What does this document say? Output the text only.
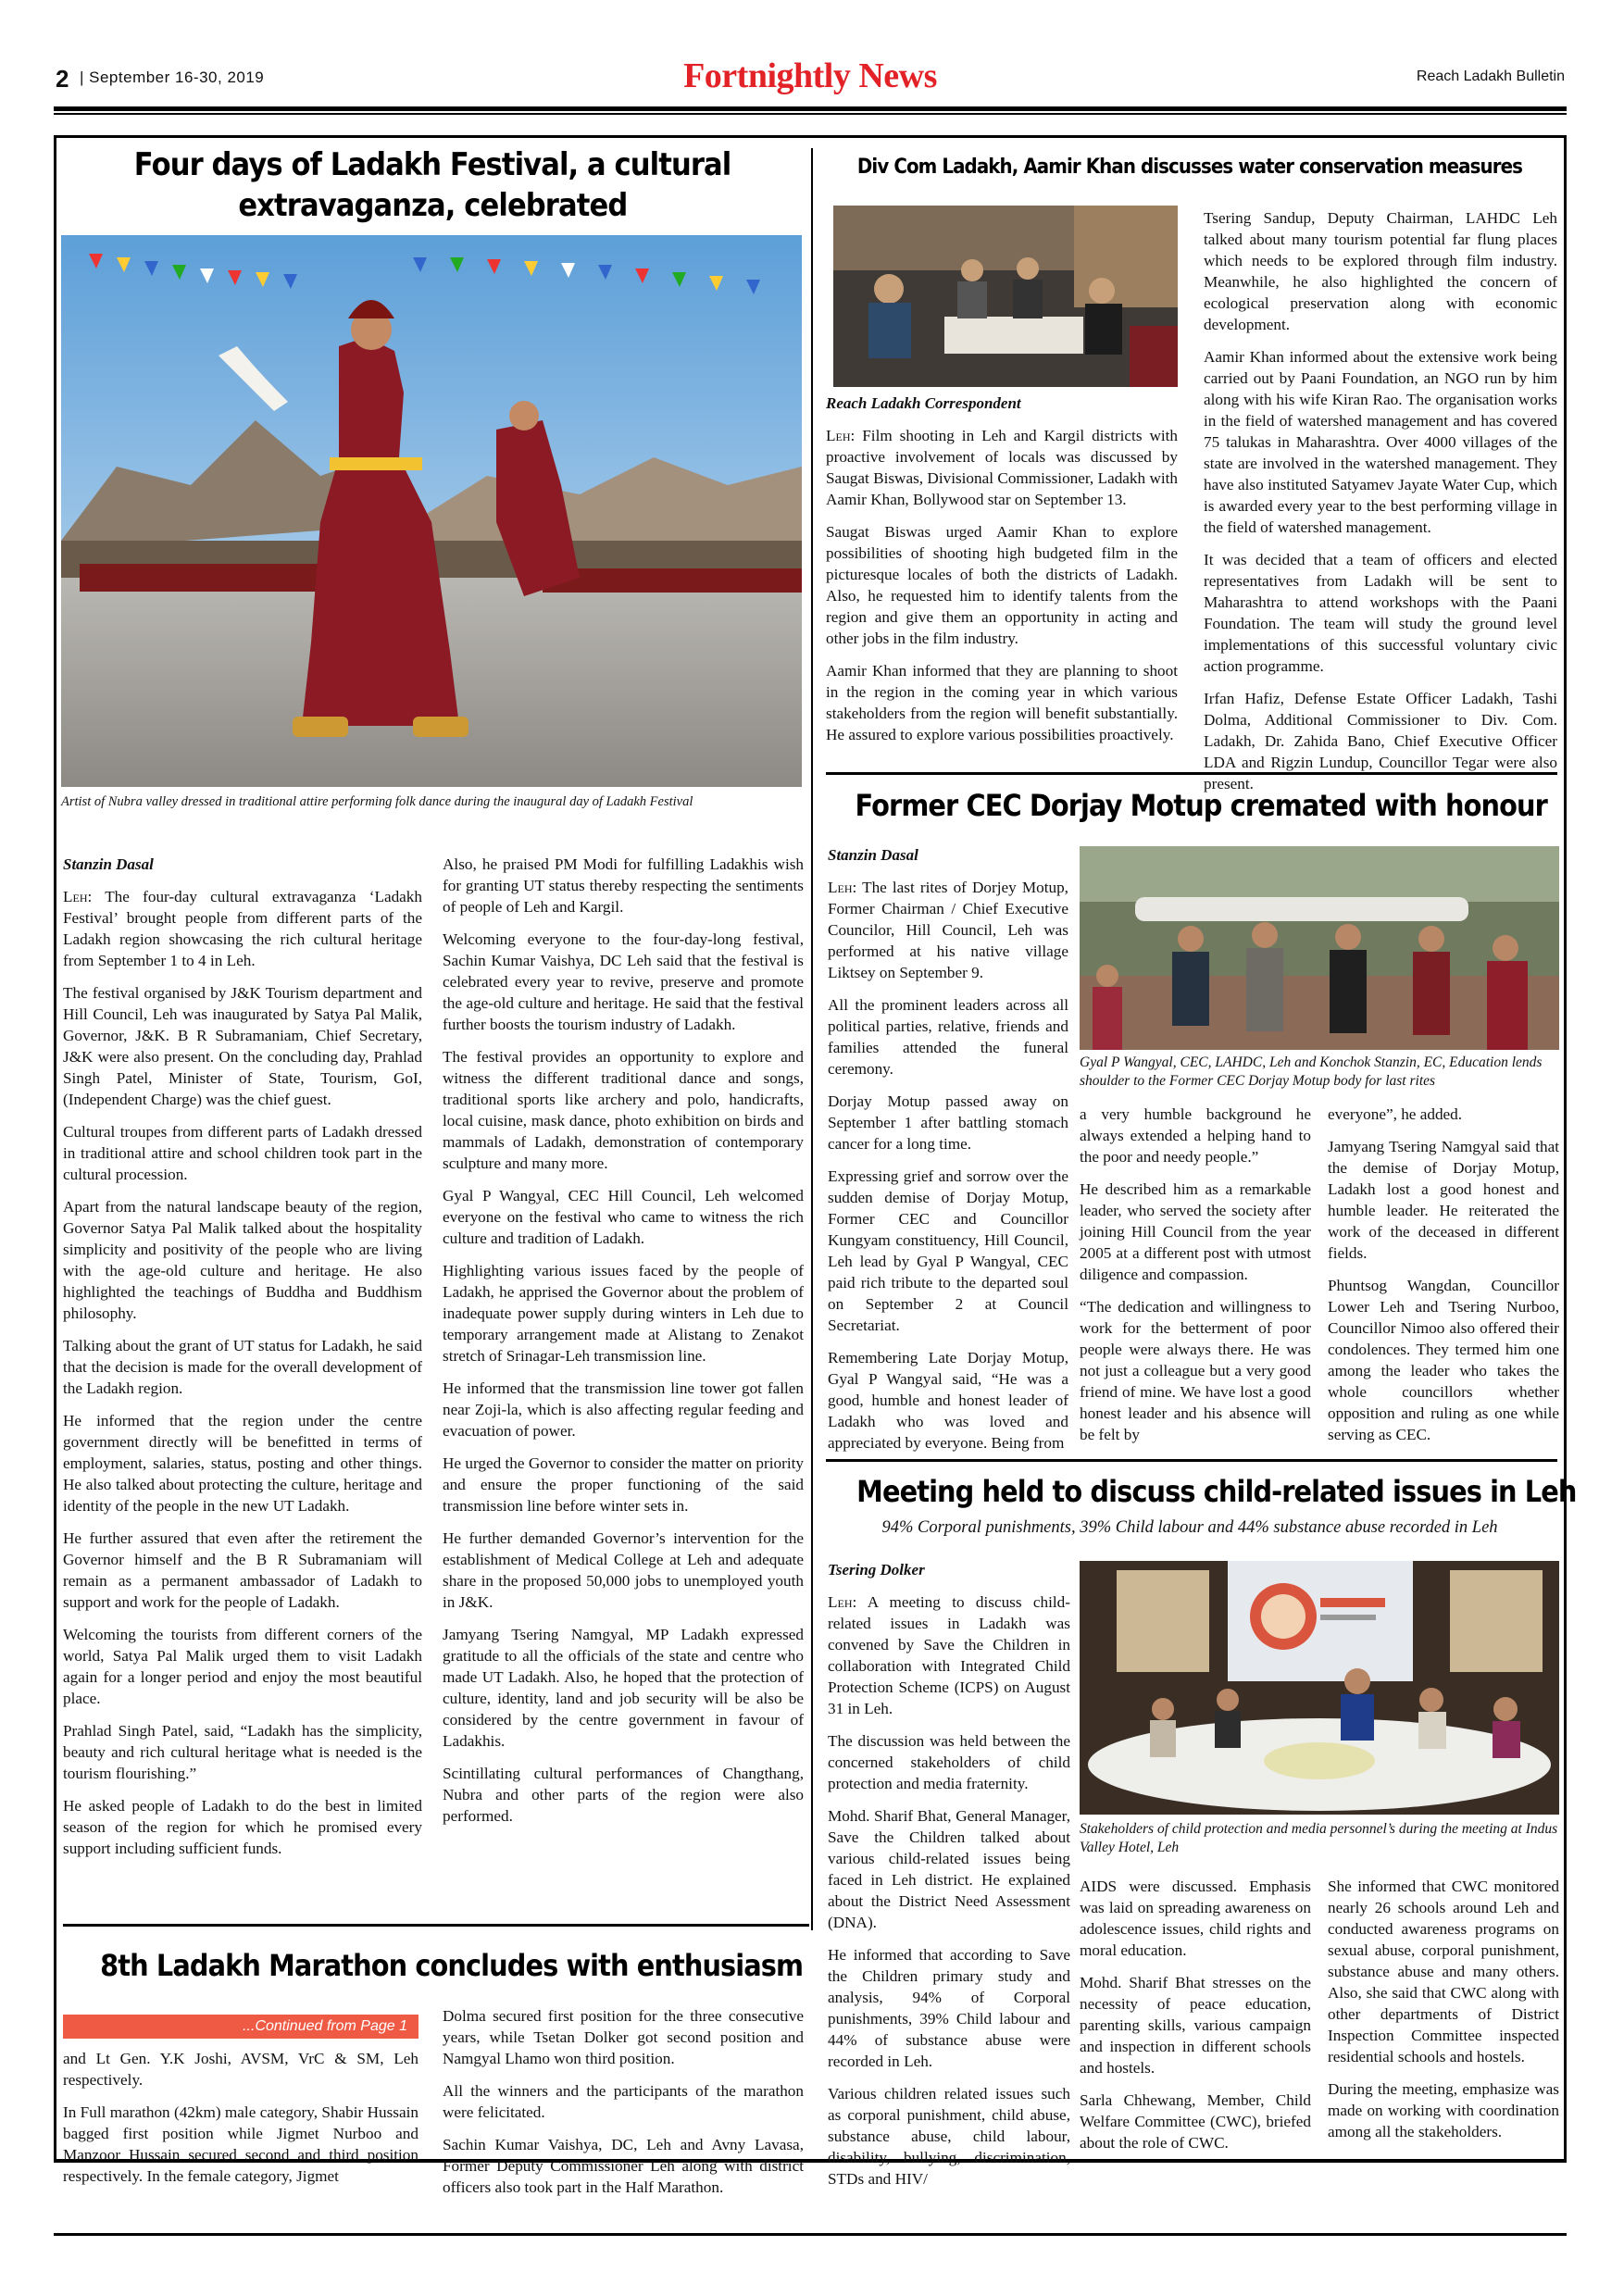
2 | September 16-30, 2019	Fortnightly News	Reach Ladakh Bulletin
Four days of Ladakh Festival, a cultural
extravaganza, celebrated
Artist of Nubra valley dressed in traditional attire performing folk dance during the inaugural day of Ladakh Festival
Stanzin Dasal

Leh: The four-day cultural extravaganza ‘Ladakh Festival’ brought people from different parts of the Ladakh region showcasing the rich cultural heritage from September 1 to 4 in Leh.

The festival organised by J&K Tourism department and Hill Council, Leh was inaugurated by Satya Pal Malik, Governor, J&K. B R Subramaniam, Chief Secretary, J&K were also present. On the concluding day, Prahlad Singh Patel, Minister of State, Tourism, GoI, (Independent Charge) was the chief guest.

Cultural troupes from different parts of Ladakh dressed in traditional attire and school children took part in the cultural procession.

Apart from the natural landscape beauty of the region, Governor Satya Pal Malik talked about the hospitality simplicity and positivity of the people who are living with the age-old culture and heritage. He also highlighted the teachings of Buddha and Buddhism philosophy.

Talking about the grant of UT status for Ladakh, he said that the decision is made for the overall development of the Ladakh region.

He informed that the region under the centre government directly will be benefitted in terms of employment, salaries, status, posting and other things. He also talked about protecting the culture, heritage and identity of the people in the new UT Ladakh.

He further assured that even after the retirement the Governor himself and the B R Subramaniam will remain as a permanent ambassador of Ladakh to support and work for the people of Ladakh.

Welcoming the tourists from different corners of the world, Satya Pal Malik urged them to visit Ladakh again for a longer period and enjoy the most beautiful place.

Prahlad Singh Patel, said, “Ladakh has the simplicity, beauty and rich cultural heritage what is needed is the tourism flourishing.”

He asked people of Ladakh to do the best in limited season of the region for which he promised every support including sufficient funds.

Also, he praised PM Modi for fulfilling Ladakhis wish for granting UT status thereby respecting the sentiments of people of Leh and Kargil.

Welcoming everyone to the four-day-long festival, Sachin Kumar Vaishya, DC Leh said that the festival is celebrated every year to revive, preserve and promote the age-old culture and heritage. He said that the festival further boosts the tourism industry of Ladakh.

The festival provides an opportunity to explore and witness the different traditional dance and songs, traditional sports like archery and polo, handicrafts, local cuisine, mask dance, photo exhibition on birds and mammals of Ladakh, demonstration of contemporary sculpture and many more.

Gyal P Wangyal, CEC Hill Council, Leh welcomed everyone on the festival who came to witness the rich culture and tradition of Ladakh.

Highlighting various issues faced by the people of Ladakh, he apprised the Governor about the problem of inadequate power supply during winters in Leh due to temporary arrangement made at Alistang to Zenakot stretch of Srinagar-Leh transmission line.

He informed that the transmission line tower got fallen near Zoji-la, which is also affecting regular feeding and evacuation of power.

He urged the Governor to consider the matter on priority and ensure the proper functioning of the said transmission line before winter sets in.

He further demanded Governor’s intervention for the establishment of Medical College at Leh and adequate share in the proposed 50,000 jobs to unemployed youth in J&K.

Jamyang Tsering Namgyal, MP Ladakh expressed gratitude to all the officials of the state and centre who made UT Ladakh. Also, he hoped that the protection of culture, identity, land and job security will be also be considered by the centre government in favour of Ladakhis.

Scintillating cultural performances of Changthang, Nubra and other parts of the region were also performed.

8th Ladakh Marathon concludes with enthusiasm
...Continued from Page 1

and Lt Gen. Y.K Joshi, AVSM, VrC & SM, Leh respectively.

In Full marathon (42km) male category, Shabir Hussain bagged first position while Jigmet Nurboo and Manzoor Hussain secured second and third position respectively. In the female category, Jigmet

Dolma secured first position for the three consecutive years, while Tsetan Dolker got second position and Namgyal Lhamo won third position.

All the winners and the participants of the marathon were felicitated.

Sachin Kumar Vaishya, DC, Leh and Avny Lavasa, Former Deputy Commissioner Leh along with district officers also took part in the Half Marathon.

Div Com Ladakh, Aamir Khan discusses water conservation measures
Reach Ladakh Correspondent

Leh: Film shooting in Leh and Kargil districts with proactive involvement of locals was discussed by Saugat Biswas, Divisional Commissioner, Ladakh with Aamir Khan, Bollywood star on September 13.

Saugat Biswas urged Aamir Khan to explore possibilities of shooting high budgeted film in the picturesque locales of both the districts of Ladakh. Also, he requested him to identify talents from the region and give them an opportunity in acting and other jobs in the film industry.

Aamir Khan informed that they are planning to shoot in the region in the coming year in which various stakeholders from the region will benefit substantially. He assured to explore various possibilities proactively.

Tsering Sandup, Deputy Chairman, LAHDC Leh talked about many tourism potential far flung places which needs to be explored through film industry. Meanwhile, he also highlighted the concern of ecological preservation along with economic development.

Aamir Khan informed about the extensive work being carried out by Paani Foundation, an NGO run by him along with his wife Kiran Rao. The organisation works in the field of watershed management and has covered 75 talukas in Maharashtra. Over 4000 villages of the state are involved in the watershed management. They have also instituted Satyamev Jayate Water Cup, which is awarded every year to the best performing village in the field of watershed management.

It was decided that a team of officers and elected representatives from Ladakh will be sent to Maharashtra to attend workshops with the Paani Foundation. The team will study the ground level implementations of this successful voluntary civic action programme.

Irfan Hafiz, Defense Estate Officer Ladakh, Tashi Dolma, Additional Commissioner to Div. Com. Ladakh, Dr. Zahida Bano, Chief Executive Officer LDA and Rigzin Lundup, Councillor Tegar were also present.

Former CEC Dorjay Motup cremated with honour
Stanzin Dasal

Leh: The last rites of Dorjey Motup, Former Chairman / Chief Executive Councilor, Hill Council, Leh was performed at his native village Liktsey on September 9.

All the prominent leaders across all political parties, relative, friends and families attended the funeral ceremony.

Dorjay Motup passed away on September 1 after battling stomach cancer for a long time.

Expressing grief and sorrow over the sudden demise of Dorjay Motup, Former CEC and Councillor Kungyam constituency, Hill Council, Leh lead by Gyal P Wangyal, CEC paid rich tribute to the departed soul on September 2 at Council Secretariat.

Remembering Late Dorjay Motup, Gyal P Wangyal said, “He was a good, humble and honest leader of Ladakh who was loved and appreciated by everyone. Being from

Gyal P Wangyal, CEC, LAHDC, Leh and Konchok Stanzin, EC, Education lends shoulder to the Former CEC Dorjay Motup body for last rites

a very humble background he always extended a helping hand to the poor and needy people.”

He described him as a remarkable leader, who served the society after joining Hill Council from the year 2005 at a different post with utmost diligence and compassion.

“The dedication and willingness to work for the betterment of poor people were always there. He was not just a colleague but a very good friend of mine. We have lost a good honest leader and his absence will be felt by

everyone”, he added.

Jamyang Tsering Namgyal said that the demise of Dorjay Motup, Ladakh lost a good honest and humble leader. He reiterated the work of the deceased in different fields.

Phuntsog Wangdan, Councillor Lower Leh and Tsering Nurboo, Councillor Nimoo also offered their condolences. They termed him one among the leader who takes the whole councillors whether opposition and ruling as one while serving as CEC.

Meeting held to discuss child-related issues in Leh
94% Corporal punishments, 39% Child labour and 44% substance abuse recorded in Leh
Tsering Dolker

Leh: A meeting to discuss child-related issues in Ladakh was convened by Save the Children in collaboration with Integrated Child Protection Scheme (ICPS) on August 31 in Leh.

The discussion was held between the concerned stakeholders of child protection and media fraternity.

Mohd. Sharif Bhat, General Manager, Save the Children talked about various child-related issues being faced in Leh district. He explained about the District Need Assessment (DNA).

He informed that according to Save the Children primary study and analysis, 94% of Corporal punishments, 39% Child labour and 44% of substance abuse were recorded in Leh.

Various children related issues such as corporal punishment, child abuse, substance abuse, child labour, disability, bullying, discrimination, STDs and HIV/

Stakeholders of child protection and media personnel’s during the meeting at Indus Valley Hotel, Leh

AIDS were discussed. Emphasis was laid on spreading awareness on adolescence issues, child rights and moral education.

Mohd. Sharif Bhat stresses on the necessity of peace education, parenting skills, various campaign and inspection in different schools and hostels.

Sarla Chhewang, Member, Child Welfare Committee (CWC), briefed about the role of CWC.

She informed that CWC monitored nearly 26 schools around Leh and conducted awareness programs on sexual abuse, corporal punishment, substance abuse and many others. Also, she said that CWC along with other departments of District Inspection Committee inspected residential schools and hostels.

During the meeting, emphasize was made on working with coordination among all the stakeholders.
